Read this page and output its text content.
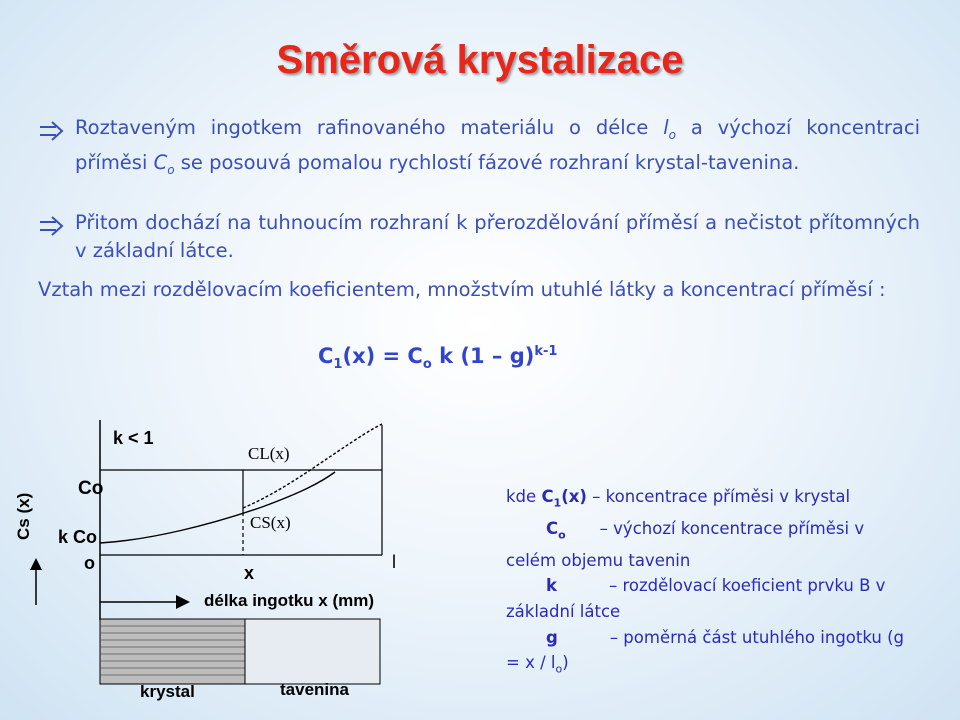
Směrová krystalizace
Roztaveným ingotkem rafinovaného materiálu o délce $l_o$ a výchozí koncentraci příměsi $C_o$ se posouvá pomalou rychlostí fázové rozhraní krystal-tavenina.
Přitom dochází na tuhnoucím rozhraní k přerozdělování příměsí a nečistot přítomných v základní látce.
Vztah mezi rozdělovacím koeficientem, množstvím utuhlé látky a koncentrací příměsí :
$C_1(x) = C_o$ k (1 – g)$^{k-1}$
k < 1
CL(x)
CS(x)
Co
k Co
Cs (x)
o	x
l
délka ingotku x (mm)
krystal	tavenina
kde $C_1(x)$ – koncentrace příměsi v krystal
$C_o$ – výchozí koncentrace příměsi v celém objemu tavenin
k	– rozdělovací koeficient prvku B v základní látce
g	– poměrná část utuhlého ingotku $(g = x / l_o)$
